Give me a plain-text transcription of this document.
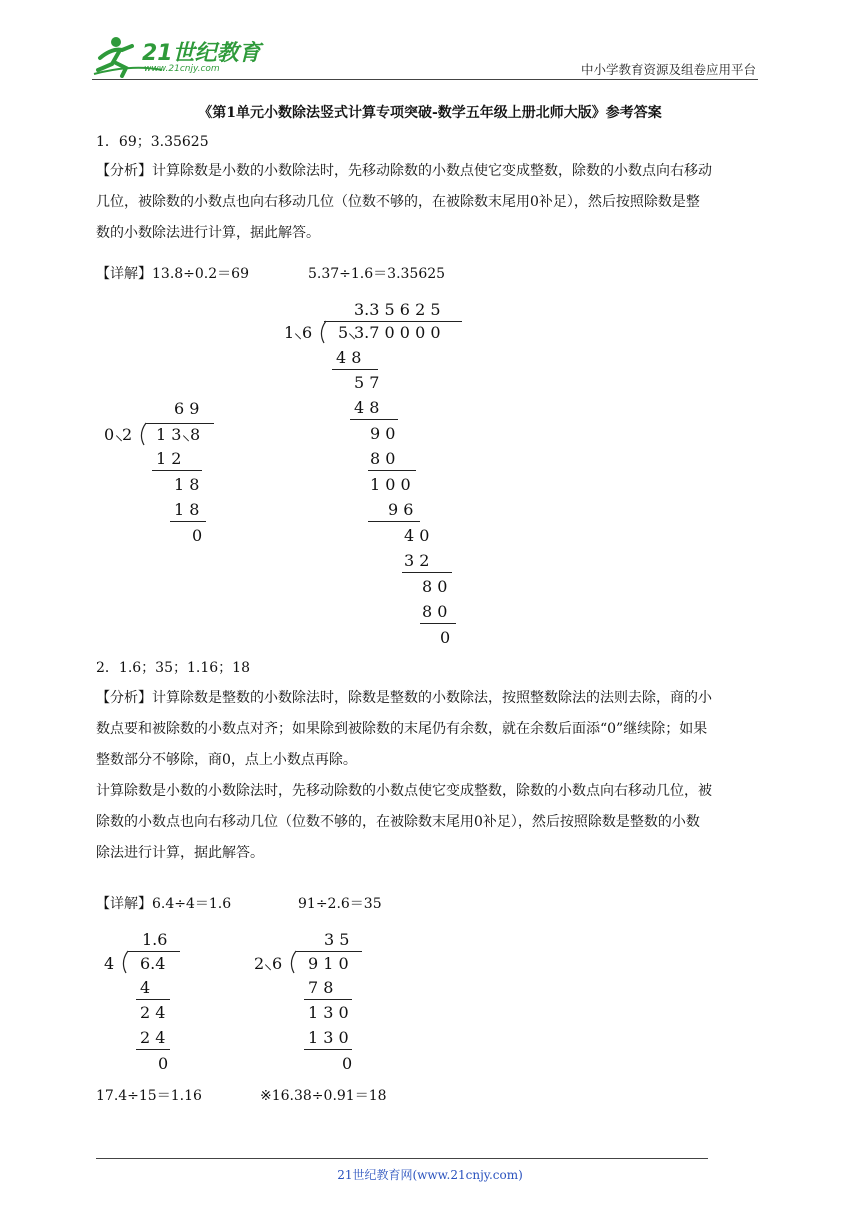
21世纪教育
www.21cnjy.com	中小学教育资源及组卷应用平台
《第1单元小数除法竖式计算专项突破-数学五年级上册北师大版》参考答案
1．69；3.35625
【分析】计算除数是小数的小数除法时，先移动除数的小数点使它变成整数，除数的小数点向右移动
几位，被除数的小数点也向右移动几位（位数不够的，在被除数末尾用0补足），然后按照除数是整
数的小数除法进行计算，据此解答。
【详解】13.8÷0.2＝69	5.37÷1.6＝3.35625
6 9
0 ⸜
2 1 3 ⸜ 8
1 2
1 8
1 8
0
3.3 5 6 2 5
1 ⸜ 6 5 ⸜
3.7 0 0 0 0
4 8
5 7
4 8
9 0
8 0
1 0 0
9 6
4 0
3 2
8 0
8 0
0
2．1.6；35；1.16；18
【分析】计算除数是整数的小数除法时，除数是整数的小数除法，按照整数除法的法则去除，商的小
数点要和被除数的小数点对齐；如果除到被除数的末尾仍有余数，就在余数后面添“0”继续除；如果
整数部分不够除，商0，点上小数点再除。
计算除数是小数的小数除法时，先移动除数的小数点使它变成整数，除数的小数点向右移动几位，被
除数的小数点也向右移动几位（位数不够的，在被除数末尾用0补足），然后按照除数是整数的小数
除法进行计算，据此解答。
【详解】6.4÷4＝1.6	91÷2.6＝35
1.6
4 6.4
4
2 4
2 4
0
3 5
2 ⸜ 6 9 1 0
7 8
1 3 0
1 3 0
0
17.4÷15＝1.16	※16.38÷0.91＝18
21世纪教育网(www.21cnjy.com)
